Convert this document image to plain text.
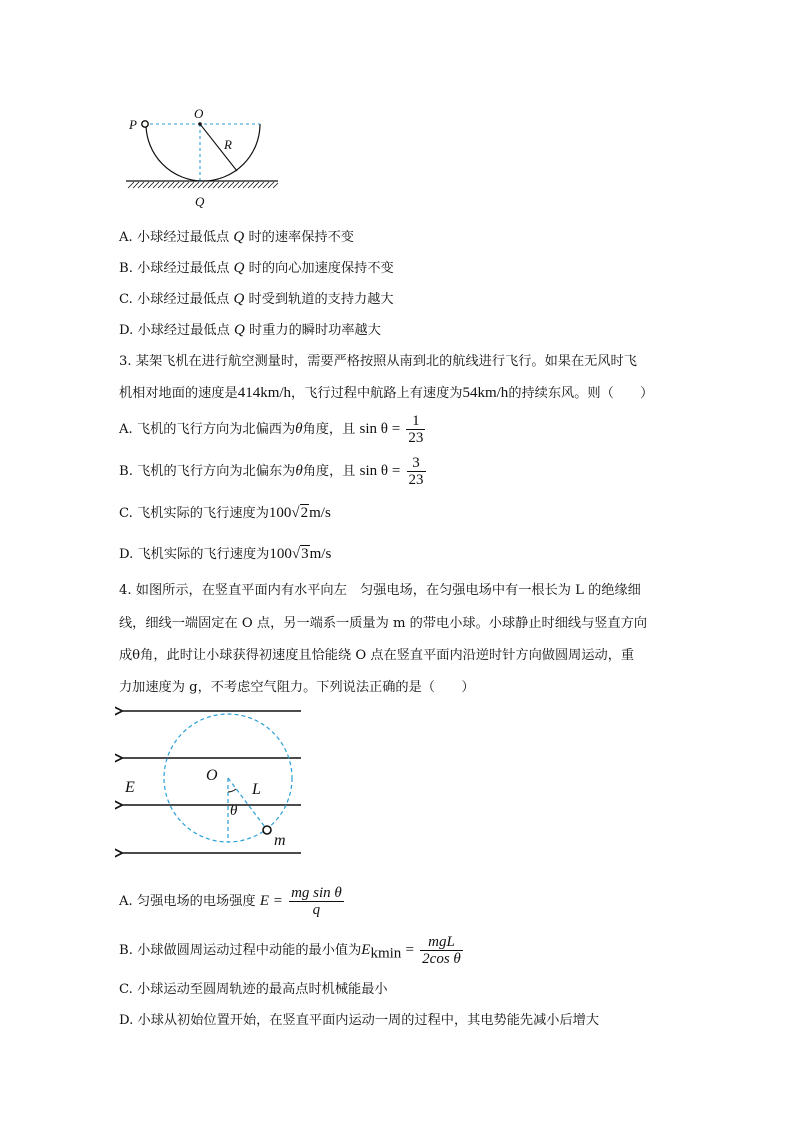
P
O
R
Q
A. 小球经过最低点 Q 时的速率保持不变
B. 小球经过最低点 Q 时的向心加速度保持不变
C. 小球经过最低点 Q 时受到轨道的支持力越大
D. 小球经过最低点 Q 时重力的瞬时功率越大
3. 某架飞机在进行航空测量时，需要严格按照从南到北的航线进行飞行。如果在无风时飞
机相对地面的速度是414km/h，飞行过程中航路上有速度为54km/h的持续东风。则（　　）
A. 飞机的飞行方向为北偏西为θ角度，且 $\sin \theta = \frac{1}{23}$
B. 飞机的飞行方向为北偏东为θ角度，且 $\sin \theta = \frac{3}{23}$
C. 飞机实际的飞行速度为100√2m/s
D. 飞机实际的飞行速度为100√3m/s
4. 如图所示，在竖直平面内有水平向左　匀强电场，在匀强电场中有一根长为 L 的绝缘细
线，细线一端固定在 O 点，另一端系一质量为 m 的带电小球。小球静止时细线与竖直方向
成θ角，此时让小球获得初速度且恰能绕 O 点在竖直平面内沿逆时针方向做圆周运动，重
力加速度为 g，不考虑空气阻力。下列说法正确的是（　　）
E
O
L
θ
m
A. 匀强电场的电场强度 $E = \frac{\text{mg sin θ}}{q}$
B. 小球做圆周运动过程中动能的最小值为$E_{kmin} = \frac{\text{mgL}}{\text{2cos θ}}$
C. 小球运动至圆周轨迹的最高点时机械能最小
D. 小球从初始位置开始，在竖直平面内运动一周的过程中，其电势能先减小后增大
